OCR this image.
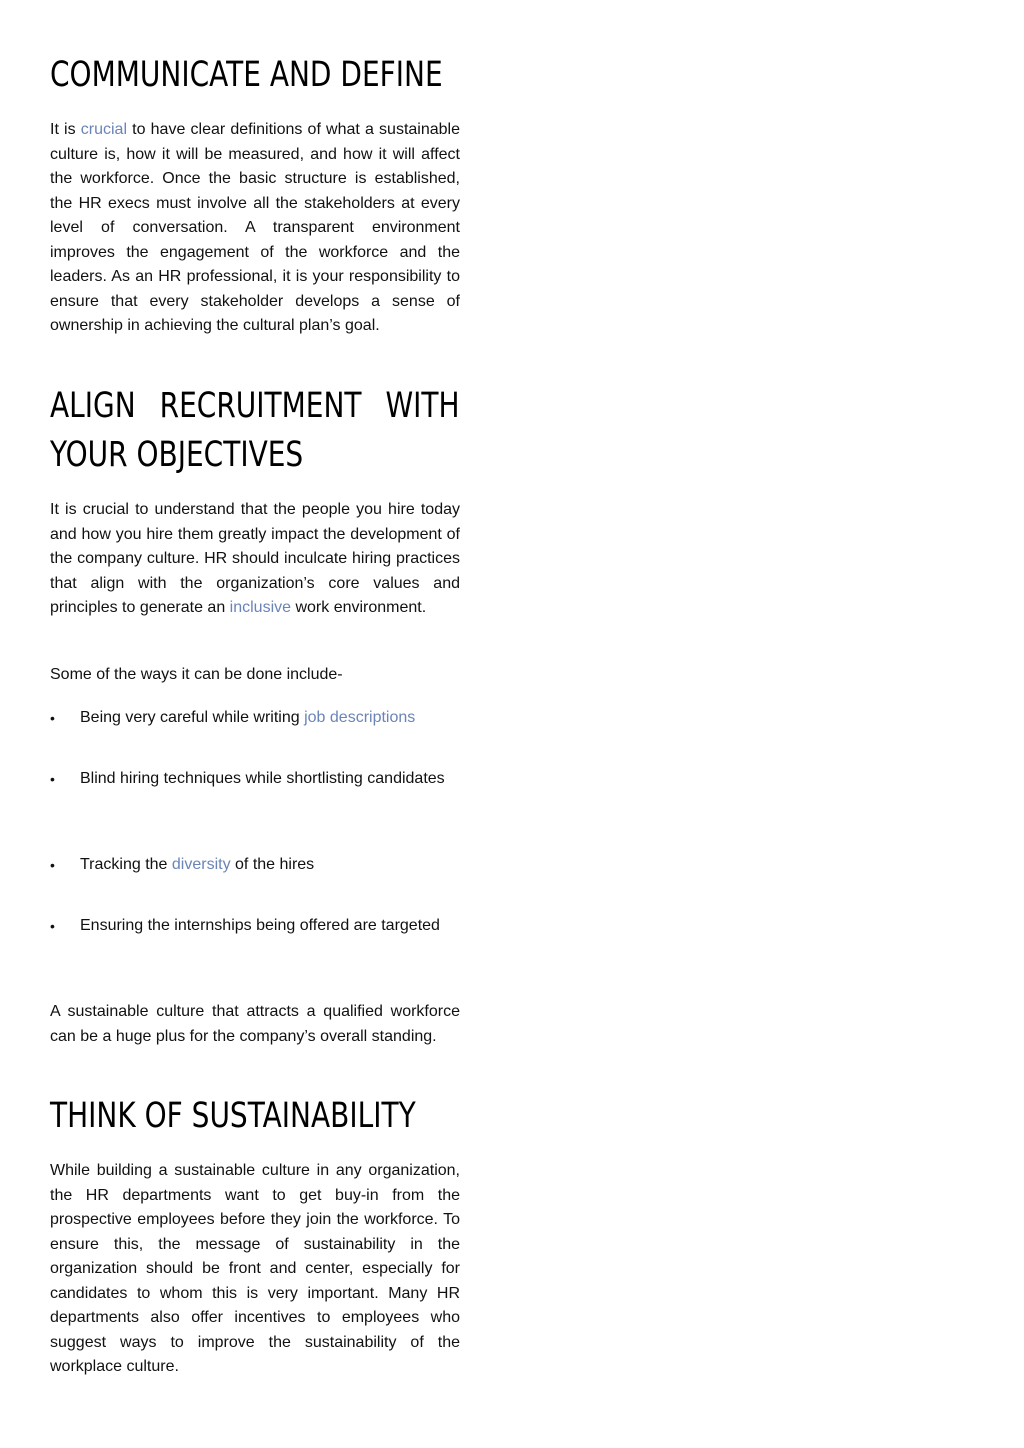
COMMUNICATE AND DEFINE

It is crucial to have clear definitions of what a sustainable culture is, how it will be measured, and how it will affect the workforce. Once the basic structure is established, the HR execs must involve all the stakeholders at every level of conversation. A transparent environment improves the engagement of the workforce and the leaders. As an HR professional, it is your responsibility to ensure that every stakeholder develops a sense of ownership in achieving the cultural plan’s goal.

ALIGN RECRUITMENT WITH
YOUR OBJECTIVES

It is crucial to understand that the people you hire today and how you hire them greatly impact the development of the company culture. HR should inculcate hiring practices that align with the organization’s core values and principles to generate an inclusive work environment.

Some of the ways it can be done include-

• Being very careful while writing job descriptions
• Blind hiring techniques while shortlisting candidates
• Tracking the diversity of the hires
• Ensuring the internships being offered are targeted

A sustainable culture that attracts a qualified workforce can be a huge plus for the company’s overall standing.

THINK OF SUSTAINABILITY

While building a sustainable culture in any organization, the HR departments want to get buy-in from the prospective employees before they join the workforce. To ensure this, the message of sustainability in the organization should be front and center, especially for candidates to whom this is very important. Many HR departments also offer incentives to employees who suggest ways to improve the sustainability of the workplace culture.
